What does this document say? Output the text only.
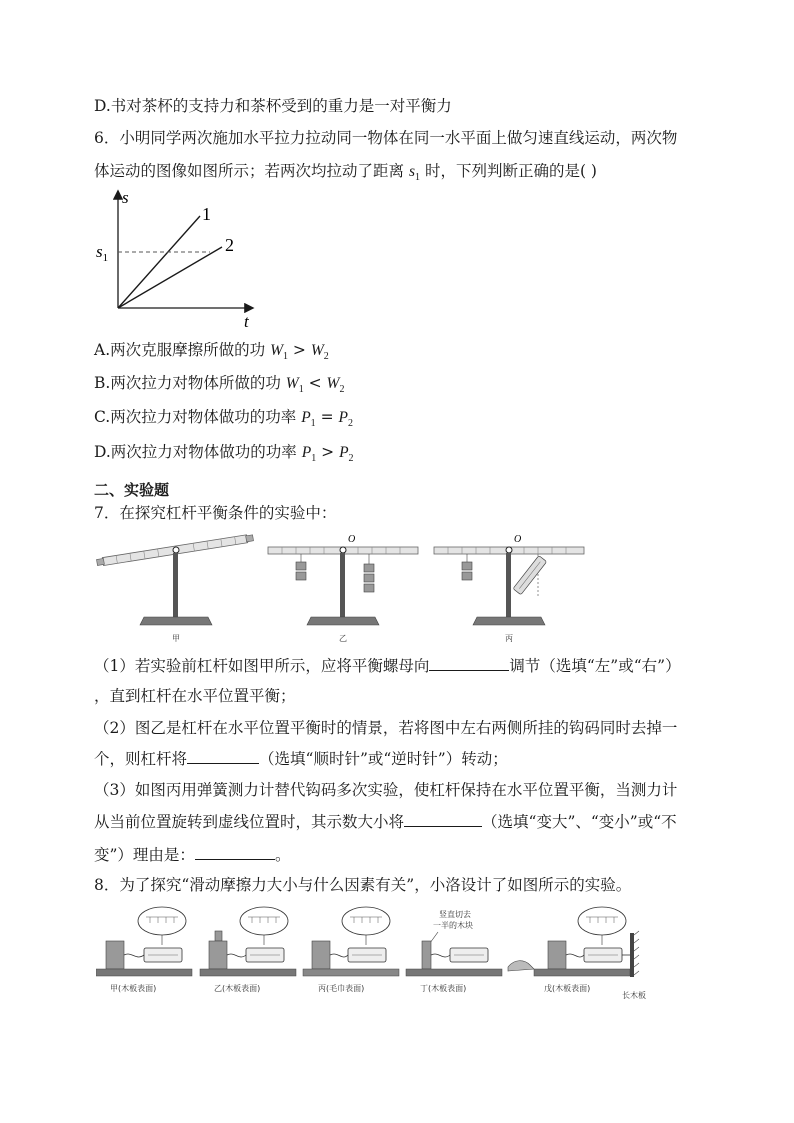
D.书对茶杯的支持力和茶杯受到的重力是一对平衡力
6．小明同学两次施加水平拉力拉动同一物体在同一水平面上做匀速直线运动，两次物
体运动的图像如图所示；若两次均拉动了距离 $s_1$ 时，下列判断正确的是( )
s
t
$s_1$
1
2
A.两次克服摩擦所做的功 $W_1 > W_2$
B.两次拉力对物体所做的功 $W_1 < W_2$
C.两次拉力对物体做功的功率 $P_1 = P_2$
D.两次拉力对物体做功的功率 $P_1 > P_2$
二、实验题
7．在探究杠杆平衡条件的实验中：
甲
O
乙
O
丙
（1）若实验前杠杆如图甲所示，应将平衡螺母向	调节（选填“左”或“右”）
，直到杠杆在水平位置平衡；
（2）图乙是杠杆在水平位置平衡时的情景，若将图中左右两侧所挂的钩码同时去掉一
个，则杠杆将	（选填“顺时针”或“逆时针”）转动；
（3）如图丙用弹簧测力计替代钩码多次实验，使杠杆保持在水平位置平衡，当测力计
从当前位置旋转到虚线位置时，其示数大小将	（选填“变大”、“变小”或“不
变”）理由是：	。
8．为了探究“滑动摩擦力大小与什么因素有关”，小洛设计了如图所示的实验。
甲(木板表面)	乙(木板表面)	丙(毛巾表面)
竖直切去
一半的木块
丁(木板表面)	戊(木板表面)
长木板
